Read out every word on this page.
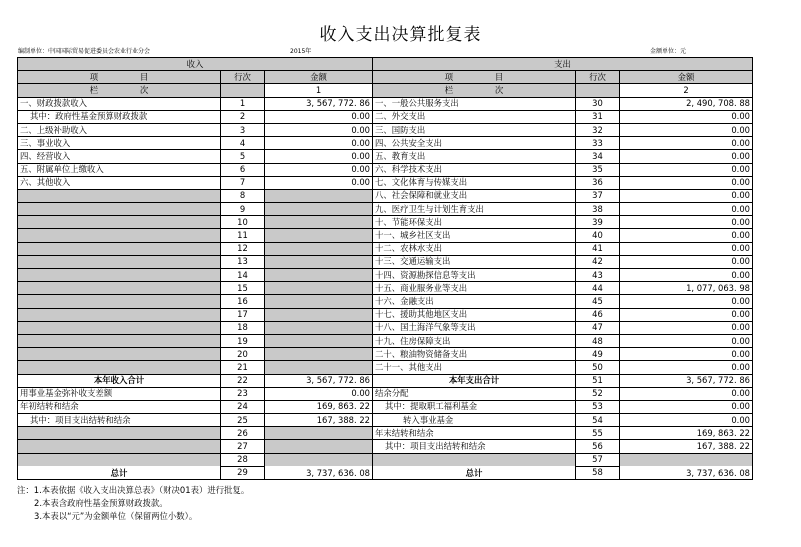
收入支出决算批复表
编制单位：中国国际贸易促进委员会农业行业分会	2015年	金额单位：元
收入			支出		
项　　　　　目	行次	金额	项　　　　　目	行次	金额
栏　　　　　次		1	栏　　　　　次		2
一、财政拨款收入	1	3, 567, 772. 86	一、一般公共服务支出	30	2, 490, 708. 88
其中：政府性基金预算财政拨款	2	0.00	二、外交支出	31	0.00
二、上级补助收入	3	0.00	三、国防支出	32	0.00
三、事业收入	4	0.00	四、公共安全支出	33	0.00
四、经营收入	5	0.00	五、教育支出	34	0.00
五、附属单位上缴收入	6	0.00	六、科学技术支出	35	0.00
六、其他收入	7	0.00	七、文化体育与传媒支出	36	0.00
	8		八、社会保障和就业支出	37	0.00
	9		九、医疗卫生与计划生育支出	38	0.00
	10		十、节能环保支出	39	0.00
	11		十一、城乡社区支出	40	0.00
	12		十二、农林水支出	41	0.00
	13		十三、交通运输支出	42	0.00
	14		十四、资源勘探信息等支出	43	0.00
	15		十五、商业服务业等支出	44	1, 077, 063. 98
	16		十六、金融支出	45	0.00
	17		十七、援助其他地区支出	46	0.00
	18		十八、国土海洋气象等支出	47	0.00
	19		十九、住房保障支出	48	0.00
	20		二十、粮油物资储备支出	49	0.00
	21		二十一、其他支出	50	0.00
本年收入合计	22	3, 567, 772. 86	本年支出合计	51	3, 567, 772. 86
用事业基金弥补收支差额	23	0.00	结余分配	52	0.00
年初结转和结余	24	169, 863. 22	其中：提取职工福利基金	53	0.00
其中：项目支出结转和结余	25	167, 388. 22	转入事业基金	54	0.00
	26		年末结转和结余	55	169, 863. 22
	27		其中：项目支出结转和结余	56	167, 388. 22
	28			57	
总计	29	3, 737, 636. 08	总计	58	3, 737, 636. 08
注：1.本表依据《收入支出决算总表》（财决01表）进行批复。
2.本表含政府性基金预算财政拨款。
3.本表以“元”为金额单位（保留两位小数）。
